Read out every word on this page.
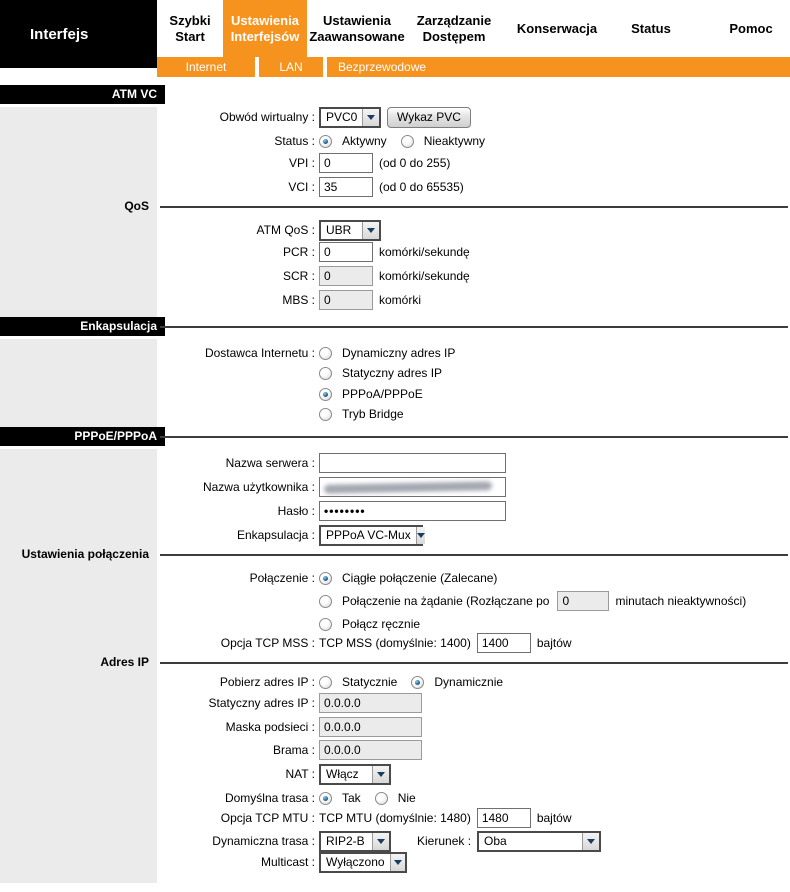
Interfejs
Szybki Start
Ustawienia Interfejsów
Ustawienia Zaawansowane
Zarządzanie Dostępem
Konserwacja	Status	Pomoc
Internet	LAN	Bezprzewodowe
ATM VC
QoS
Enkapsulacja
PPPoE/PPPoA
Ustawienia połączenia
Adres IP
Obwód wirtualny : PVC0	Wykaz PVC
Status : Aktywny	Nieaktywny
VPI : 0	(od 0 do 255)
VCI : 35	(od 0 do 65535)
ATM QoS : UBR
PCR : 0	komórki/sekundę
SCR : 0	komórki/sekundę
MBS : 0	komórki
Dostawca Internetu : Dynamiczny adres IP
Statyczny adres IP
PPPoA/PPPoE
Tryb Bridge
Nazwa serwera :
Nazwa użytkownika :
Hasło : ••••••••
Enkapsulacja : PPPoA VC-Mux
Połączenie : Ciągłe połączenie (Zalecane)
Połączenie na żądanie (Rozłączane po	0	minutach nieaktywności)
Połącz ręcznie
Opcja TCP MSS : TCP MSS (domyślnie: 1400) 1400	bajtów
Pobierz adres IP : Statycznie	Dynamicznie
Statyczny adres IP : 0.0.0.0
Maska podsieci : 0.0.0.0
Brama : 0.0.0.0
NAT : Włącz
Domyślna trasa : Tak	Nie
Opcja TCP MTU : TCP MTU (domyślnie: 1480) 1480	bajtów
Dynamiczna trasa : RIP2-B	Kierunek :	Oba
Multicast : Wyłączono
